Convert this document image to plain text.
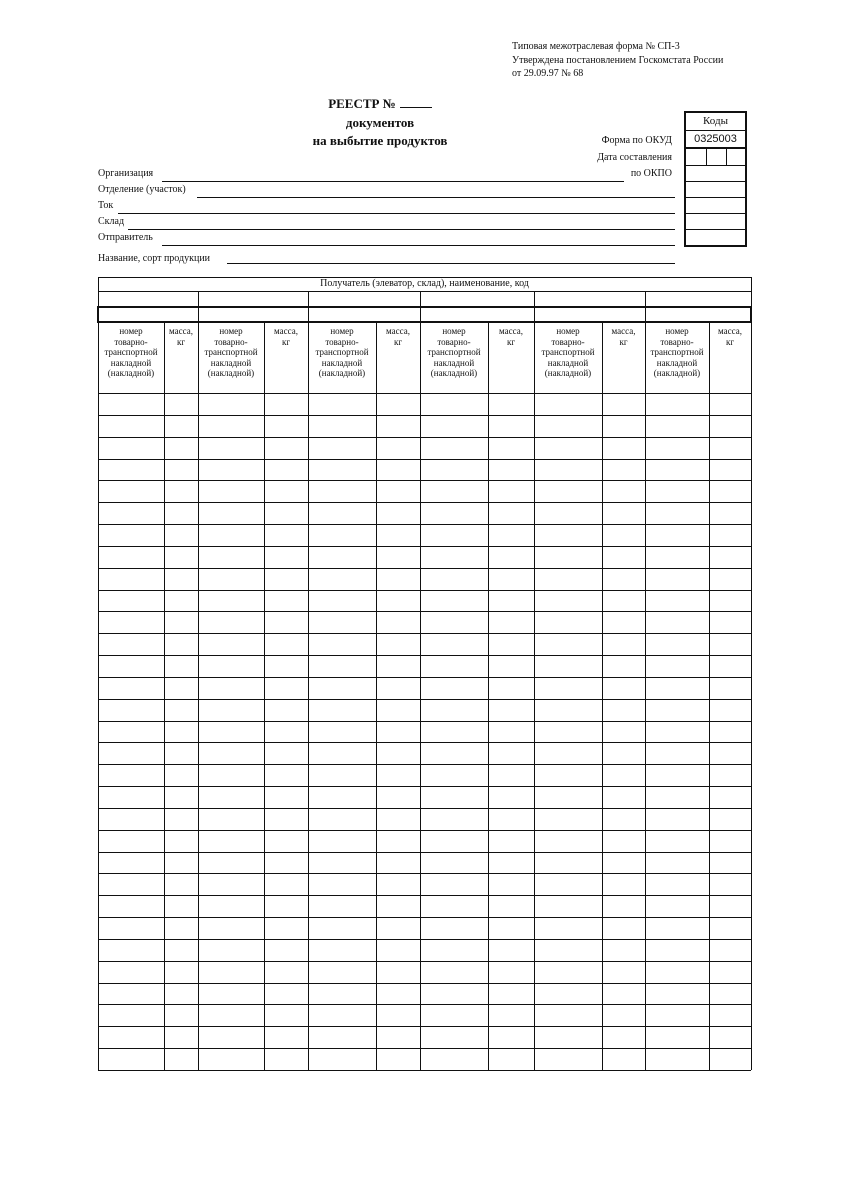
Типовая межотраслевая форма № СП-3
Утверждена постановлением Госкомстата России
от 29.09.97 № 68
РЕЕСТР №
документов
на выбытие продуктов	Форма по ОКУД
Дата составления
по ОКПО
Коды
0325003
Организация
Отделение (участок)
Ток
Склад
Отправитель
Название, сорт продукции
Получатель (элеватор, склад), наименование, код
номер
товарно-
транспортной
накладной
(накладной)
масса,
кг
номер
товарно-
транспортной
накладной
(накладной)
масса,
кг
номер
товарно-
транспортной
накладной
(накладной)
масса,
кг
номер
товарно-
транспортной
накладной
(накладной)
масса,
кг
номер
товарно-
транспортной
накладной
(накладной)
масса,
кг
номер
товарно-
транспортной
накладной
(накладной)
масса,
кг
